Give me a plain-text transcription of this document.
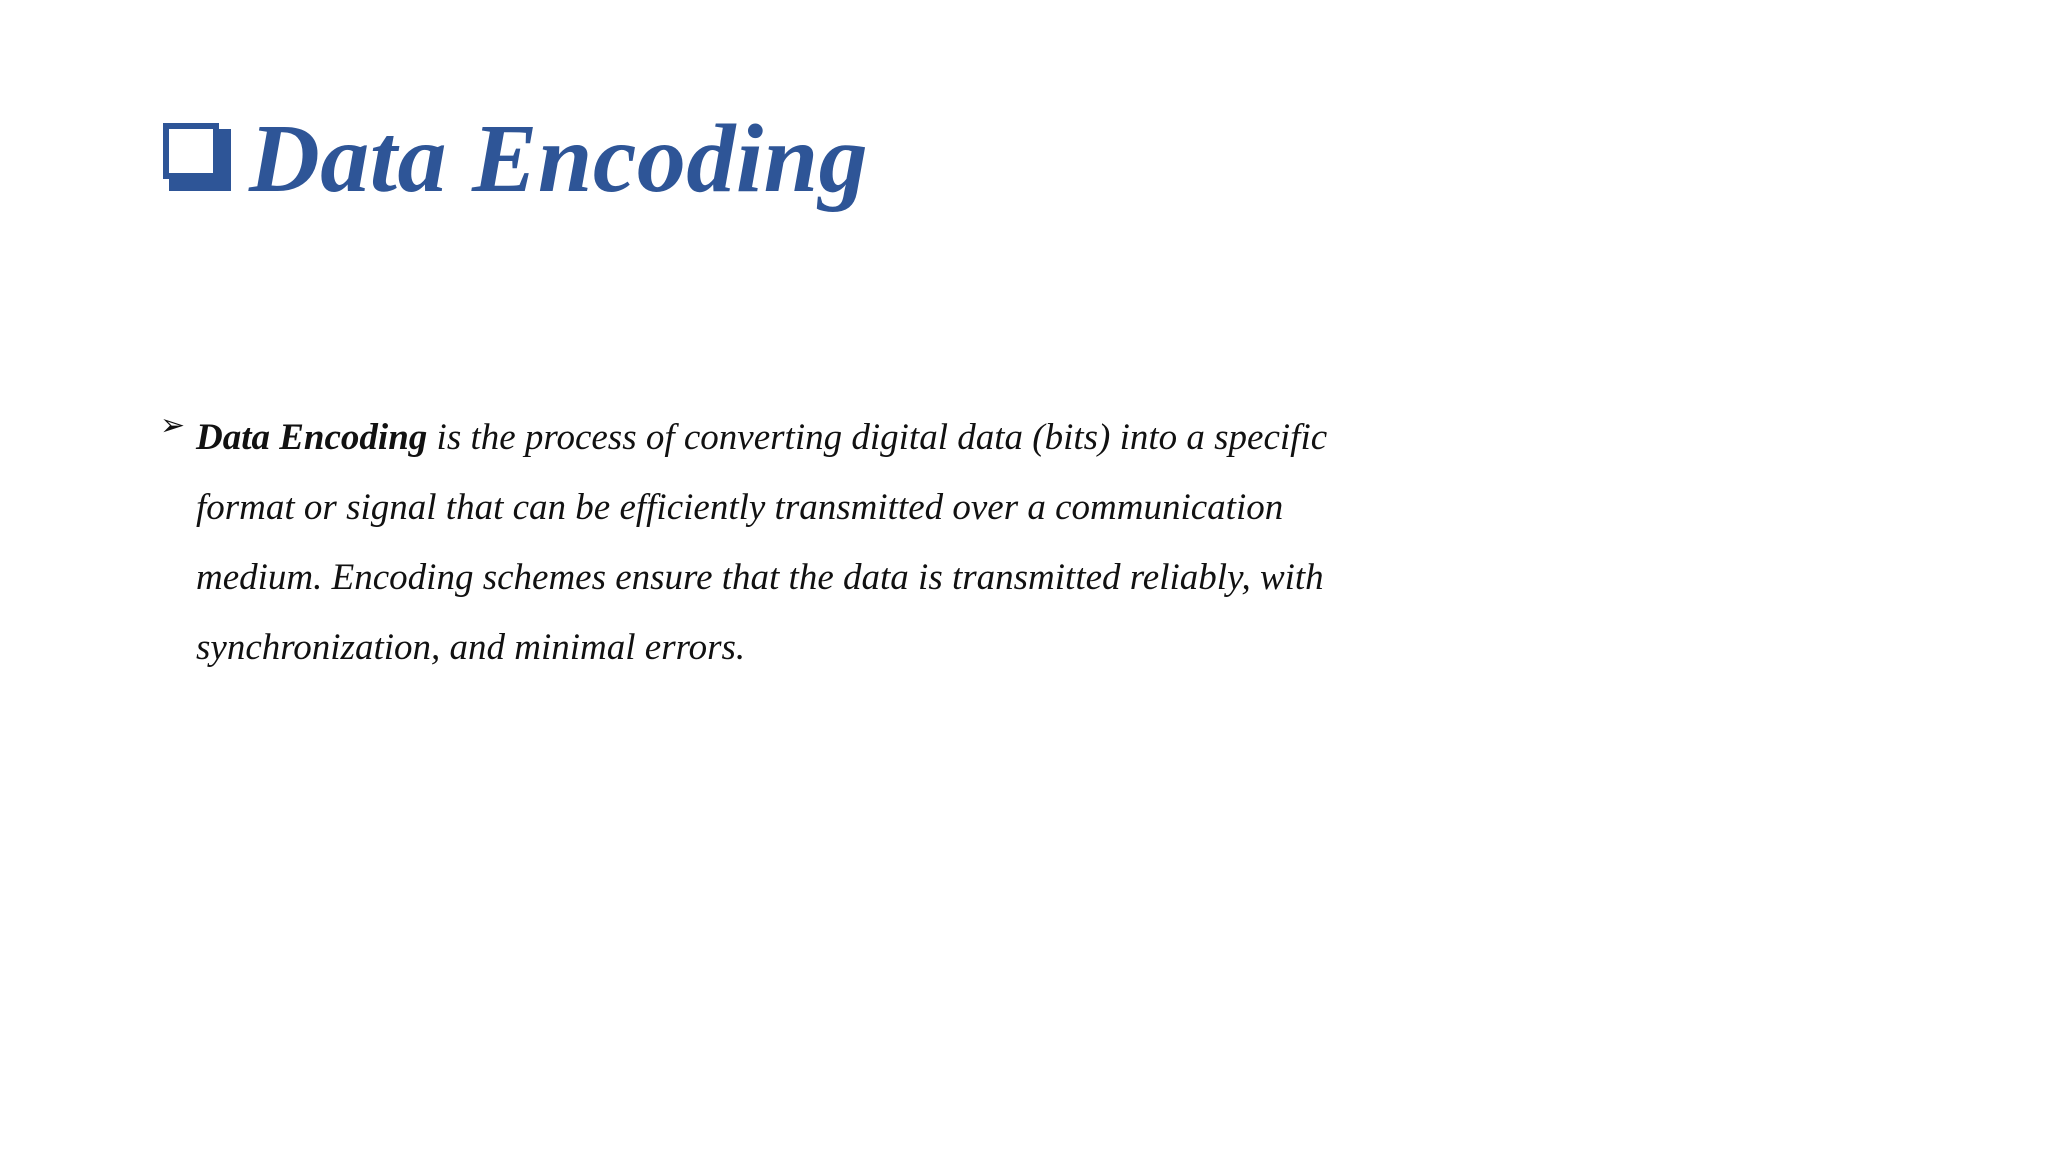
Data Encoding
➢ Data Encoding is the process of converting digital data (bits) into a specific format or signal that can be efficiently transmitted over a communication medium. Encoding schemes ensure that the data is transmitted reliably, with synchronization, and minimal errors.
